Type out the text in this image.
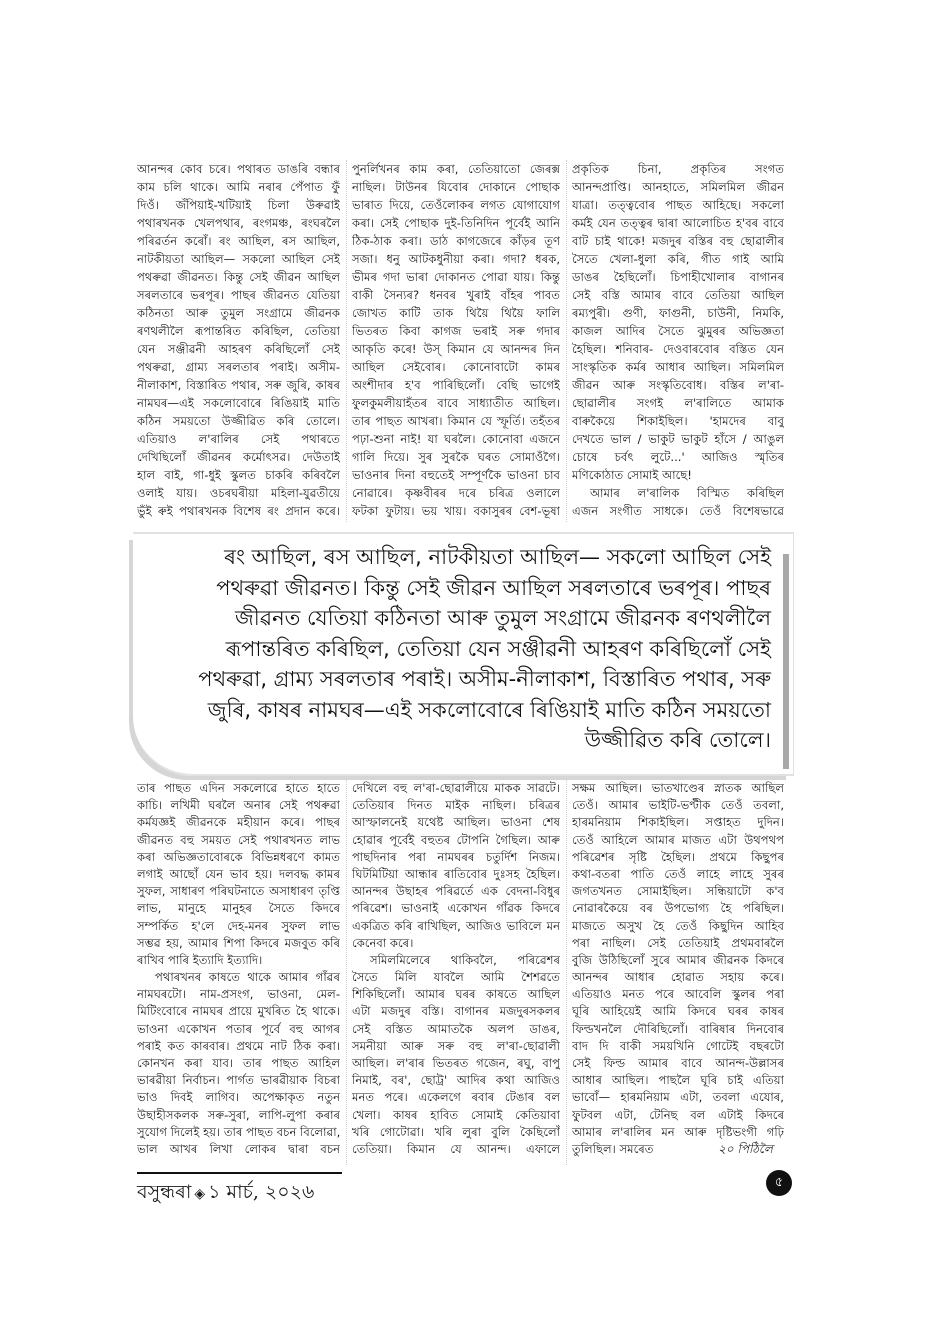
আনন্দৰ কোব চৰে। পথাৰত ডাঙৰি বন্ধাৰ
কাম চলি থাকে। আমি নৰাৰ পেঁপাত ফুঁ
দিওঁ। জঁপিয়াই-খটিয়াই চিলা উৰুৱাই
পথাৰখনক খেলপথাৰ, ৰংগমঞ্চ, ৰংঘৰলৈ
পৰিৱৰ্তন কৰোঁ। ৰং আছিল, ৰস আছিল,
নাটকীয়তা আছিল— সকলো আছিল সেই
পথৰুৱা জীৱনত। কিন্তু সেই জীৱন আছিল
সৰলতাৰে ভৰপূৰ। পাছৰ জীৱনত যেতিয়া
কঠিনতা আৰু তুমুল সংগ্ৰামে জীৱনক
ৰণথলীলৈ ৰূপান্তৰিত কৰিছিল, তেতিয়া
যেন সঞ্জীৱনী আহৰণ কৰিছিলোঁ সেই
পথৰুৱা, গ্ৰাম্য সৰলতাৰ পৰাই। অসীম-
নীলাকাশ, বিস্তাৰিত পথাৰ, সৰু জুৰি, কাষৰ
নামঘৰ—এই সকলোবোৰে ৰিঙিয়াই মাতি
কঠিন সময়তো উজ্জীৱিত কৰি তোলে।
এতিয়াও ল'ৰালিৰ সেই পথাৰতে
দেখিছিলোঁ জীৱনৰ কৰ্মোৎসৱ। দেউতাই
হাল বাই, গা-ধুই স্কুলত চাকৰি কৰিবলৈ
ওলাই যায়। ওচৰঘৰীয়া মহিলা-যুৱতীয়ে
ভুঁই ৰুই পথাৰখনক বিশেষ ৰং প্ৰদান কৰে।
পুনৰ্লিখনৰ কাম কৰা, তেতিয়াতো জেৰক্স
নাছিল। টাউনৰ যিবোৰ দোকানে পোছাক
ভাৰাত দিয়ে, তেওঁলোকৰ লগত যোগাযোগ
কৰা। সেই পোছাক দুই-তিনিদিন পূৰ্বেই আনি
ঠিক-ঠাক কৰা। ডাঠ কাগজেৰে কাঁড়ৰ তূণ
সজা। ধনু আটকধুনীয়া কৰা। গদা? ধৰক,
ভীমৰ গদা ভাৰা দোকানত পোৱা যায়। কিন্তু
বাকী সৈন্যৰ? ধনবৰ খুৰাই বাঁহৰ পাবত
জোখত কাটি তাক থিয়ৈ থিয়ৈ ফালি
ভিতৰত কিবা কাগজ ভৰাই সৰু গদাৰ
আকৃতি কৰে! উস্ কিমান যে আনন্দৰ দিন
আছিল সেইবোৰ। কোনোবাটো কামৰ
অংশীদাৰ হ'ব পাৰিছিলোঁ। বেছি ভাগেই
ফুলকুমলীয়াহঁতৰ বাবে সাধ্যাতীত আছিল।
তাৰ পাছত আখৰা। কিমান যে স্ফূৰ্তি। তহঁতৰ
পঢ়া-শুনা নাই! যা ঘৰলৈ। কোনোবা এজনে
গালি দিয়ে। সুৰ সুৰকৈ ঘৰত সোমাওঁগৈ।
ভাওনাৰ দিনা বহুতেই সম্পূৰ্ণকৈ ভাওনা চাব
নোৱাৰে। কৃষ্ণবীৰৰ দৰে চৰিত্ৰ ওলালে
ফটকা ফুটায়। ভয় খায়। বকাসুৰৰ বেশ-ভূষা
প্ৰকৃতিক চিনা, প্ৰকৃতিৰ সংগত
আনন্দপ্ৰাপ্তি। আনহাতে, সমিলমিল জীৱন
যাত্ৰা। তত্ত্ববোৰ পাছত আহিছে। সকলো
কৰ্মই যেন তত্ত্বৰ দ্বাৰা আলোচিত হ'বৰ বাবে
বাট চাই থাকে! মজদুৰ বস্তিৰ বহু ছোৱালীৰ
সৈতে খেলা-ধুলা কৰি, গীত গাই আমি
ডাঙৰ হৈছিলোঁ। চিপাহীখোলাৰ বাগানৰ
সেই বস্তি আমাৰ বাবে তেতিয়া আছিল
ৰম্যপুৰী। গুণী, ফাগুনী, চাউনী, নিমকি,
কাজল আদিৰ সৈতে ঝুমুৰৰ অভিজ্ঞতা
হৈছিল। শনিবাৰ- দেওবাৰবোৰ বস্তিত যেন
সাংস্কৃতিক কৰ্মৰ আধাৰ আছিল। সমিলমিল
জীৱন আৰু সংস্কৃতিবোধ। বস্তিৰ ল'ৰা-
ছোৱালীৰ সংগই ল'ৰালিতে আমাক
বাৰুকৈয়ে শিকাইছিল। 'হামদেৰ বাবু
দেখতে ভাল / ভাকুট ভাকুট হাঁসে / আঙুল
চোষে চৰ্বৎ লুটে...' আজিও স্মৃতিৰ
মণিকোঠাত সোমাই আছে!
আমাৰ ল'ৰালিক বিস্মিত কৰিছিল
এজন সংগীত সাধকে। তেওঁ বিশেষভাৱে
ৰং আছিল, ৰস আছিল, নাটকীয়তা আছিল— সকলো আছিল সেই
পথৰুৱা জীৱনত। কিন্তু সেই জীৱন আছিল সৰলতাৰে ভৰপূৰ। পাছৰ
জীৱনত যেতিয়া কঠিনতা আৰু তুমুল সংগ্ৰামে জীৱনক ৰণথলীলৈ
ৰূপান্তৰিত কৰিছিল, তেতিয়া যেন সঞ্জীৱনী আহৰণ কৰিছিলোঁ সেই
পথৰুৱা, গ্ৰাম্য সৰলতাৰ পৰাই। অসীম-নীলাকাশ, বিস্তাৰিত পথাৰ, সৰু
জুৰি, কাষৰ নামঘৰ—এই সকলোবোৰে ৰিঙিয়াই মাতি কঠিন সময়তো
উজ্জীৱিত কৰি তোলে।
তাৰ পাছত এদিন সকলোৱে হাতে হাতে
কাচি। লখিমী ঘৰলৈ অনাৰ সেই পথৰুৱা
কৰ্মযজ্ঞই জীৱনকে মহীয়ান কৰে। পাছৰ
জীৱনত বহু সময়ত সেই পথাৰখনত লাভ
কৰা অভিজ্ঞতাবোৰকে বিভিন্নধৰণে কামত
লগাই আছোঁ যেন ভাব হয়। দলবদ্ধ কামৰ
সুফল, সাধাৰণ পৰিঘটনাতে অসাধাৰণ তৃপ্তি
লাভ, মানুহে মানুহৰ সৈতে কিদৰে
সম্পৰ্কিত হ'লে দেহ-মনৰ সুফল লাভ
সম্ভৱ হয়, আমাৰ শিপা কিদৰে মজবুত কৰি
ৰাখিব পাৰি ইত্যাদি ইত্যাদি।
পথাৰখনৰ কাষতে থাকে আমাৰ গাঁৱৰ
নামঘৰটো। নাম-প্ৰসংগ, ভাওনা, মেল-
মিটিংবোৰে নামঘৰ প্ৰায়ে মুখৰিত হৈ থাকে।
ভাওনা একোখন পতাৰ পূৰ্বে বহু আগৰ
পৰাই কত কাৰবাৰ। প্ৰথমে নাট ঠিক কৰা।
কোনখন কৰা যাব। তাৰ পাছত আহিল
ভাৰৱীয়া নিৰ্বাচন। পাৰ্গত ভাৰৱীয়াক বিচৰা
ভাও দিবই লাগিব। অপেক্ষাকৃত নতুন
উছাহীসকলক সৰু-সুৰা, লাপি-লুপা কৰাৰ
সুযোগ দিলেই হয়। তাৰ পাছত বচন বিলোৱা,
ভাল আখৰ লিখা লোকৰ দ্বাৰা বচন
দেখিলে বহু ল'ৰা-ছোৱালীয়ে মাকক সাৱটে।
তেতিয়াৰ দিনত মাইক নাছিল। চৰিত্ৰৰ
আস্ফালনেই যথেষ্ট আছিল। ভাওনা শেষ
হোৱাৰ পূৰ্বেই বহুতৰ টোপনি গৈছিল। আৰু
পাছদিনাৰ পৰা নামঘৰৰ চতুৰ্দিশ নিজম।
ঘিটমিটিয়া আন্ধাৰ ৰাতিবোৰ দুঃসহ হৈছিল।
আনন্দৰ উছাহৰ পৰিৱৰ্তে এক বেদনা-বিধুৰ
পৰিৱেশ। ভাওনাই একোখন গাঁৱক কিদৰে
একত্ৰিত কৰি ৰাখিছিল, আজিও ভাবিলে মন
কেনেবা কৰে।
সমিলমিলেৰে থাকিবলৈ, পৰিৱেশৰ
সৈতে মিলি যাবলৈ আমি শৈশৱতে
শিকিছিলোঁ। আমাৰ ঘৰৰ কাষতে আছিল
এটা মজদুৰ বস্তি। বাগানৰ মজদুৰসকলৰ
সেই বস্তিত আমাতকৈ অলপ ডাঙৰ,
সমনীয়া আৰু সৰু বহু ল'ৰা-ছোৱালী
আছিল। ল'ৰাৰ ভিতৰত গজেন, ৰঘু, বাপু
নিমাই, বৰ', ছোট্ৰ' আদিৰ কথা আজিও
মনত পৰে। একেলগে ৰবাৰ টেঙাৰ বল
খেলা। কাষৰ হাবিত সোমাই কেতিয়াবা
খৰি গোটোৱা। খৰি লুৰা বুলি কৈছিলোঁ
তেতিয়া। কিমান যে আনন্দ। এফালে
সক্ষম আছিল। ভাতখাণ্ডেৰ স্নাতক আছিল
তেওঁ। আমাৰ ভাইটি-ভণ্টীক তেওঁ তবলা,
হাৰমনিয়াম শিকাইছিল। সপ্তাহত দুদিন।
তেওঁ আহিলে আমাৰ মাজত এটা উথপথপ
পৰিৱেশৰ সৃষ্টি হৈছিল। প্ৰথমে কিছুপৰ
কথা-বতৰা পাতি তেওঁ লাহে লাহে সুৰৰ
জগতখনত সোমাইছিল। সন্ধিয়াটো ক'ব
নোৱাৰকৈয়ে বৰ উপভোগ্য হৈ পৰিছিল।
মাজতে অসুখ হৈ তেওঁ কিছুদিন আহিব
পৰা নাছিল। সেই তেতিয়াই প্ৰথমবাৰলৈ
বুজি উঠিছিলোঁ সুৰে আমাৰ জীৱনক কিদৰে
আনন্দৰ আধাৰ হোৱাত সহায় কৰে।
এতিয়াও মনত পৰে আবেলি স্কুলৰ পৰা
ঘূৰি আহিয়েই আমি কিদৰে ঘৰৰ কাষৰ
ফিল্ডখনলৈ দৌৰিছিলোঁ। বাৰিষাৰ দিনবোৰ
বাদ দি বাকী সময়খিনি গোটেই বছৰটো
সেই ফিল্ড আমাৰ বাবে আনন্দ-উল্লাসৰ
আধাৰ আছিল। পাছলৈ ঘূৰি চাই এতিয়া
ভাবোঁ— হাৰমনিয়াম এটা, তবলা এযোৰ,
ফুটবল এটা, টেনিছ বল এটাই কিদৰে
আমাৰ ল'ৰালিৰ মন আৰু দৃষ্টিভংগী গঢ়ি
তুলিছিল। সমৰেত	২০ পিঠিলৈ
বসুন্ধৰা ◈ ১ মাৰ্চ, ২০২৬	৫
